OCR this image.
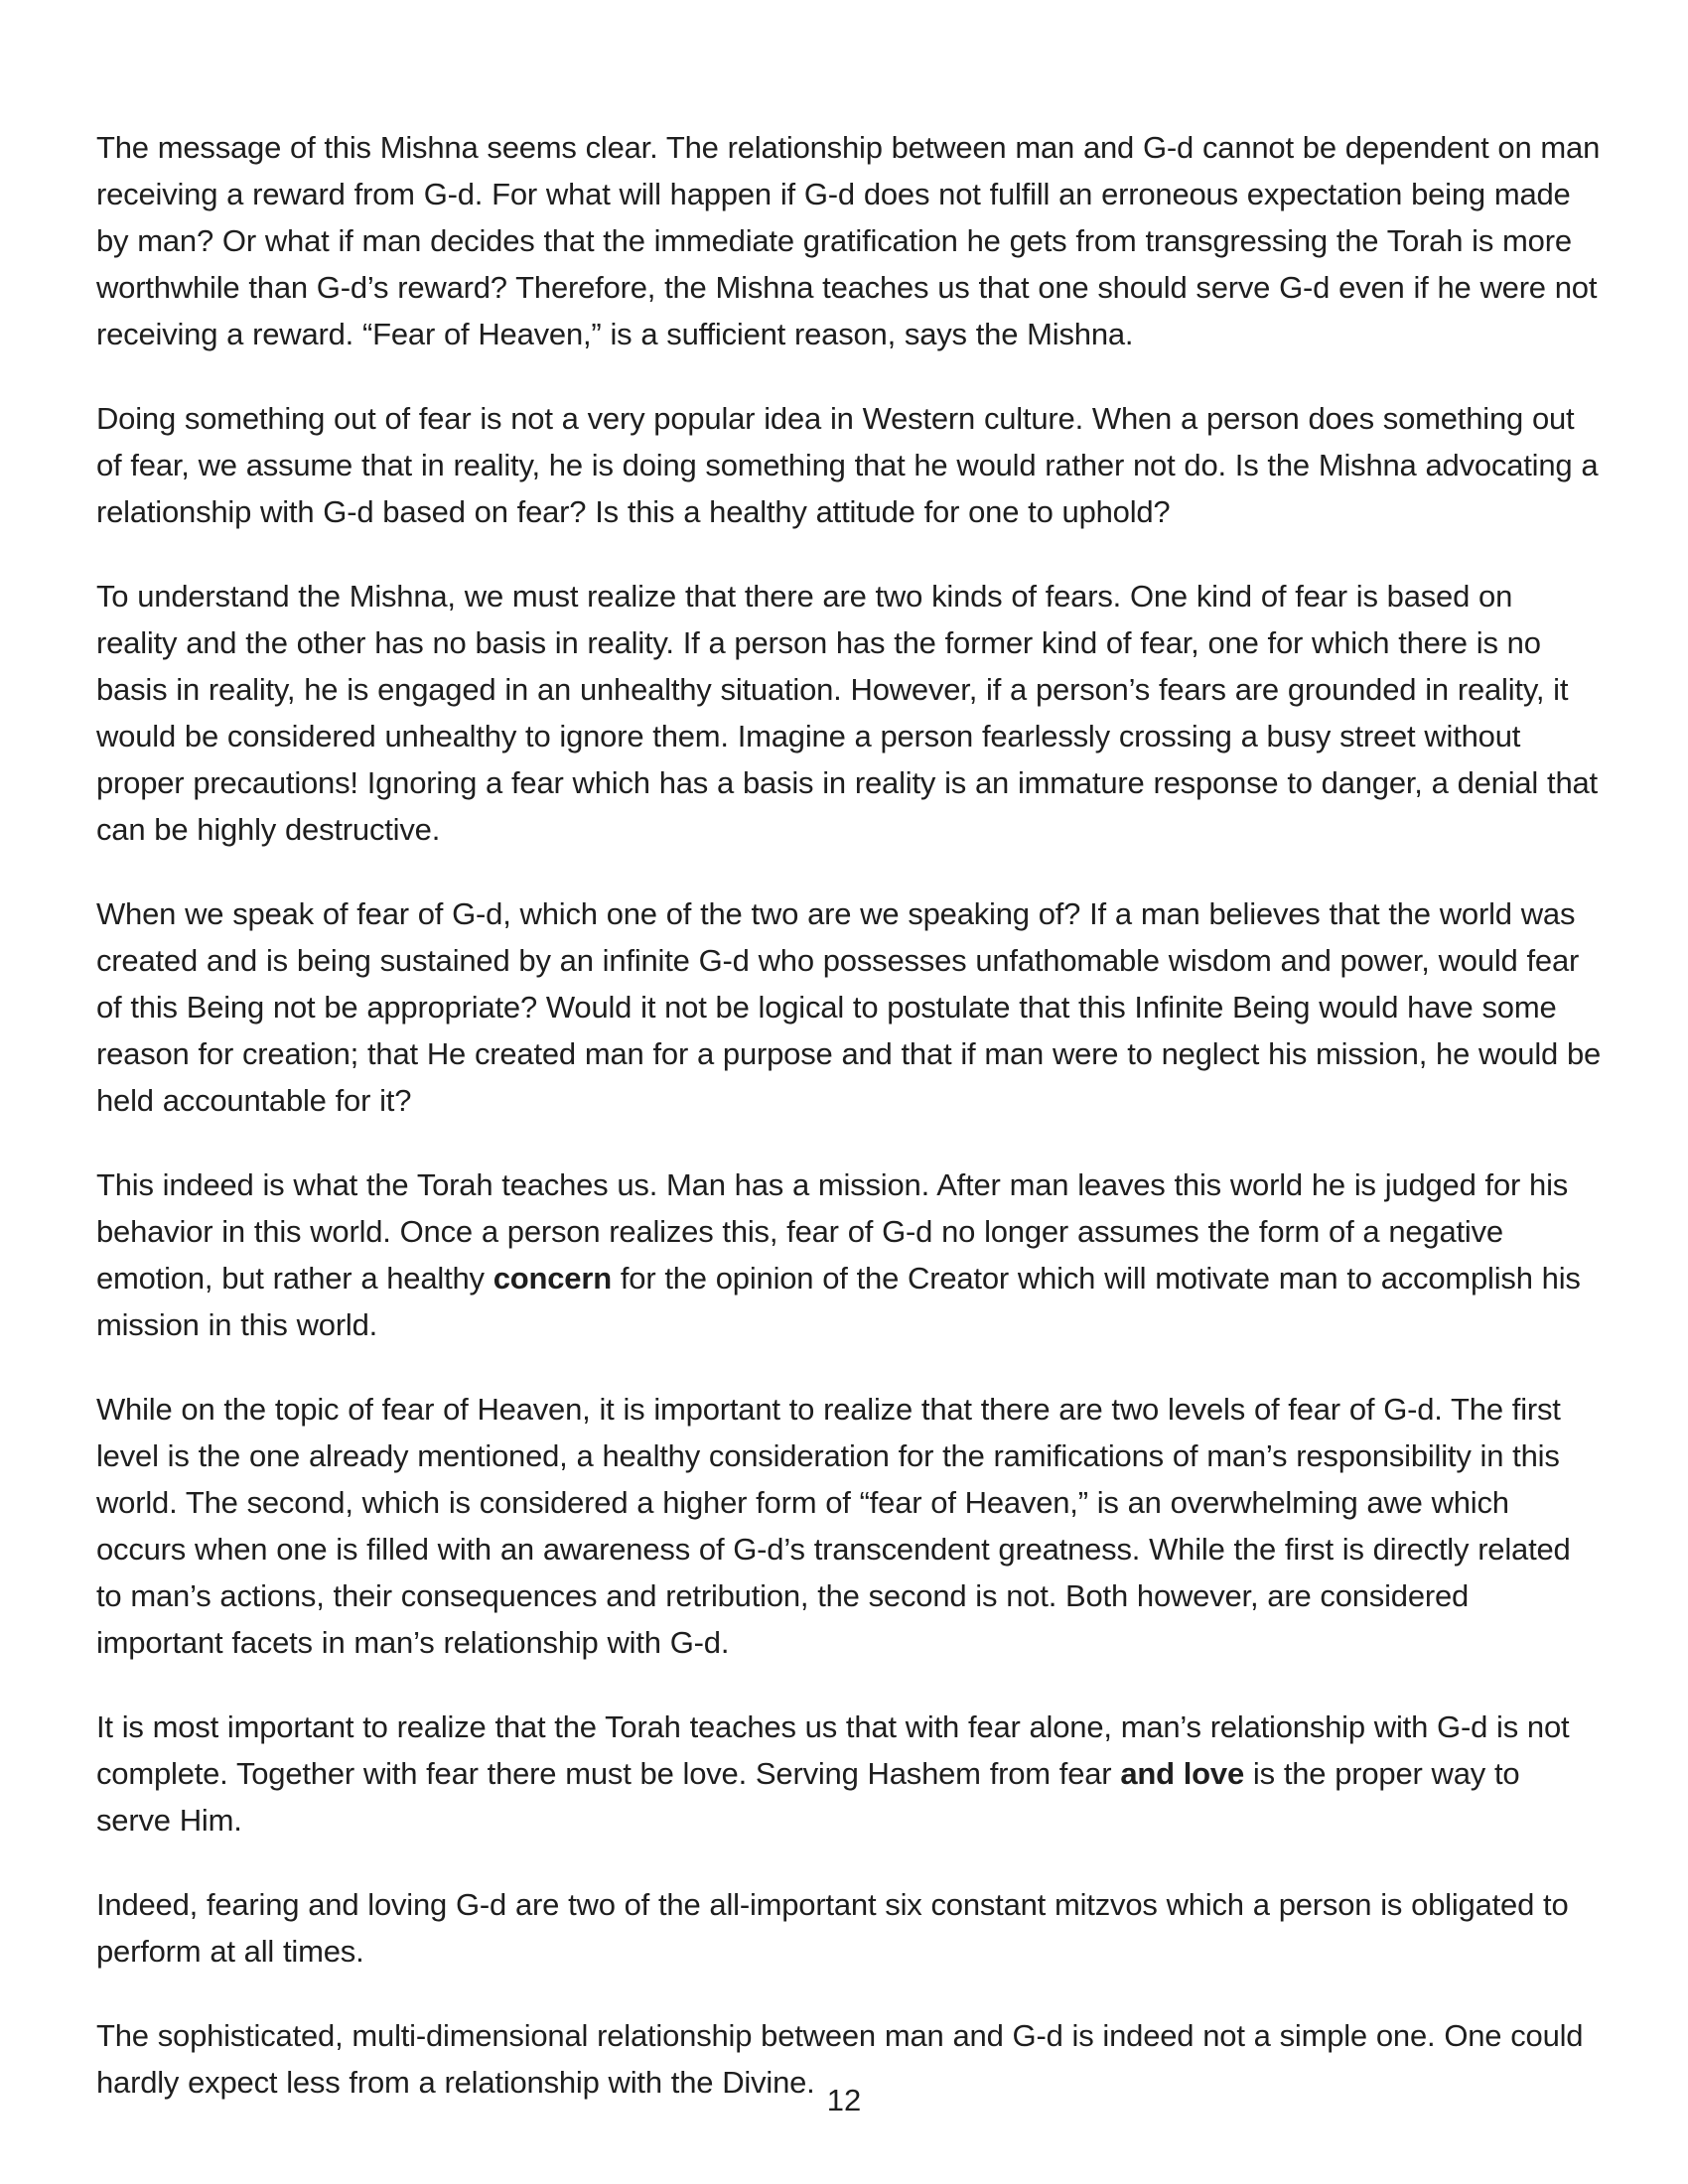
The message of this Mishna seems clear. The relationship between man and G-d cannot be dependent on man receiving a reward from G-d. For what will happen if G-d does not fulfill an erroneous expectation being made by man? Or what if man decides that the immediate gratification he gets from transgressing the Torah is more worthwhile than G-d’s reward? Therefore, the Mishna teaches us that one should serve G-d even if he were not receiving a reward. “Fear of Heaven,” is a sufficient reason, says the Mishna.

Doing something out of fear is not a very popular idea in Western culture. When a person does something out of fear, we assume that in reality, he is doing something that he would rather not do. Is the Mishna advocating a relationship with G-d based on fear? Is this a healthy attitude for one to uphold?

To understand the Mishna, we must realize that there are two kinds of fears. One kind of fear is based on reality and the other has no basis in reality. If a person has the former kind of fear, one for which there is no basis in reality, he is engaged in an unhealthy situation. However, if a person’s fears are grounded in reality, it would be considered unhealthy to ignore them. Imagine a person fearlessly crossing a busy street without proper precautions! Ignoring a fear which has a basis in reality is an immature response to danger, a denial that can be highly destructive.

When we speak of fear of G-d, which one of the two are we speaking of? If a man believes that the world was created and is being sustained by an infinite G-d who possesses unfathomable wisdom and power, would fear of this Being not be appropriate? Would it not be logical to postulate that this Infinite Being would have some reason for creation; that He created man for a purpose and that if man were to neglect his mission, he would be held accountable for it?

This indeed is what the Torah teaches us. Man has a mission. After man leaves this world he is judged for his behavior in this world. Once a person realizes this, fear of G-d no longer assumes the form of a negative emotion, but rather a healthy concern for the opinion of the Creator which will motivate man to accomplish his mission in this world.

While on the topic of fear of Heaven, it is important to realize that there are two levels of fear of G-d. The first level is the one already mentioned, a healthy consideration for the ramifications of man’s responsibility in this world. The second, which is considered a higher form of “fear of Heaven,” is an overwhelming awe which occurs when one is filled with an awareness of G-d’s transcendent greatness. While the first is directly related to man’s actions, their consequences and retribution, the second is not. Both however, are considered important facets in man’s relationship with G-d.

It is most important to realize that the Torah teaches us that with fear alone, man’s relationship with G-d is not complete. Together with fear there must be love. Serving Hashem from fear and love is the proper way to serve Him.

Indeed, fearing and loving G-d are two of the all-important six constant mitzvos which a person is obligated to perform at all times.

The sophisticated, multi-dimensional relationship between man and G-d is indeed not a simple one. One could hardly expect less from a relationship with the Divine.

12
